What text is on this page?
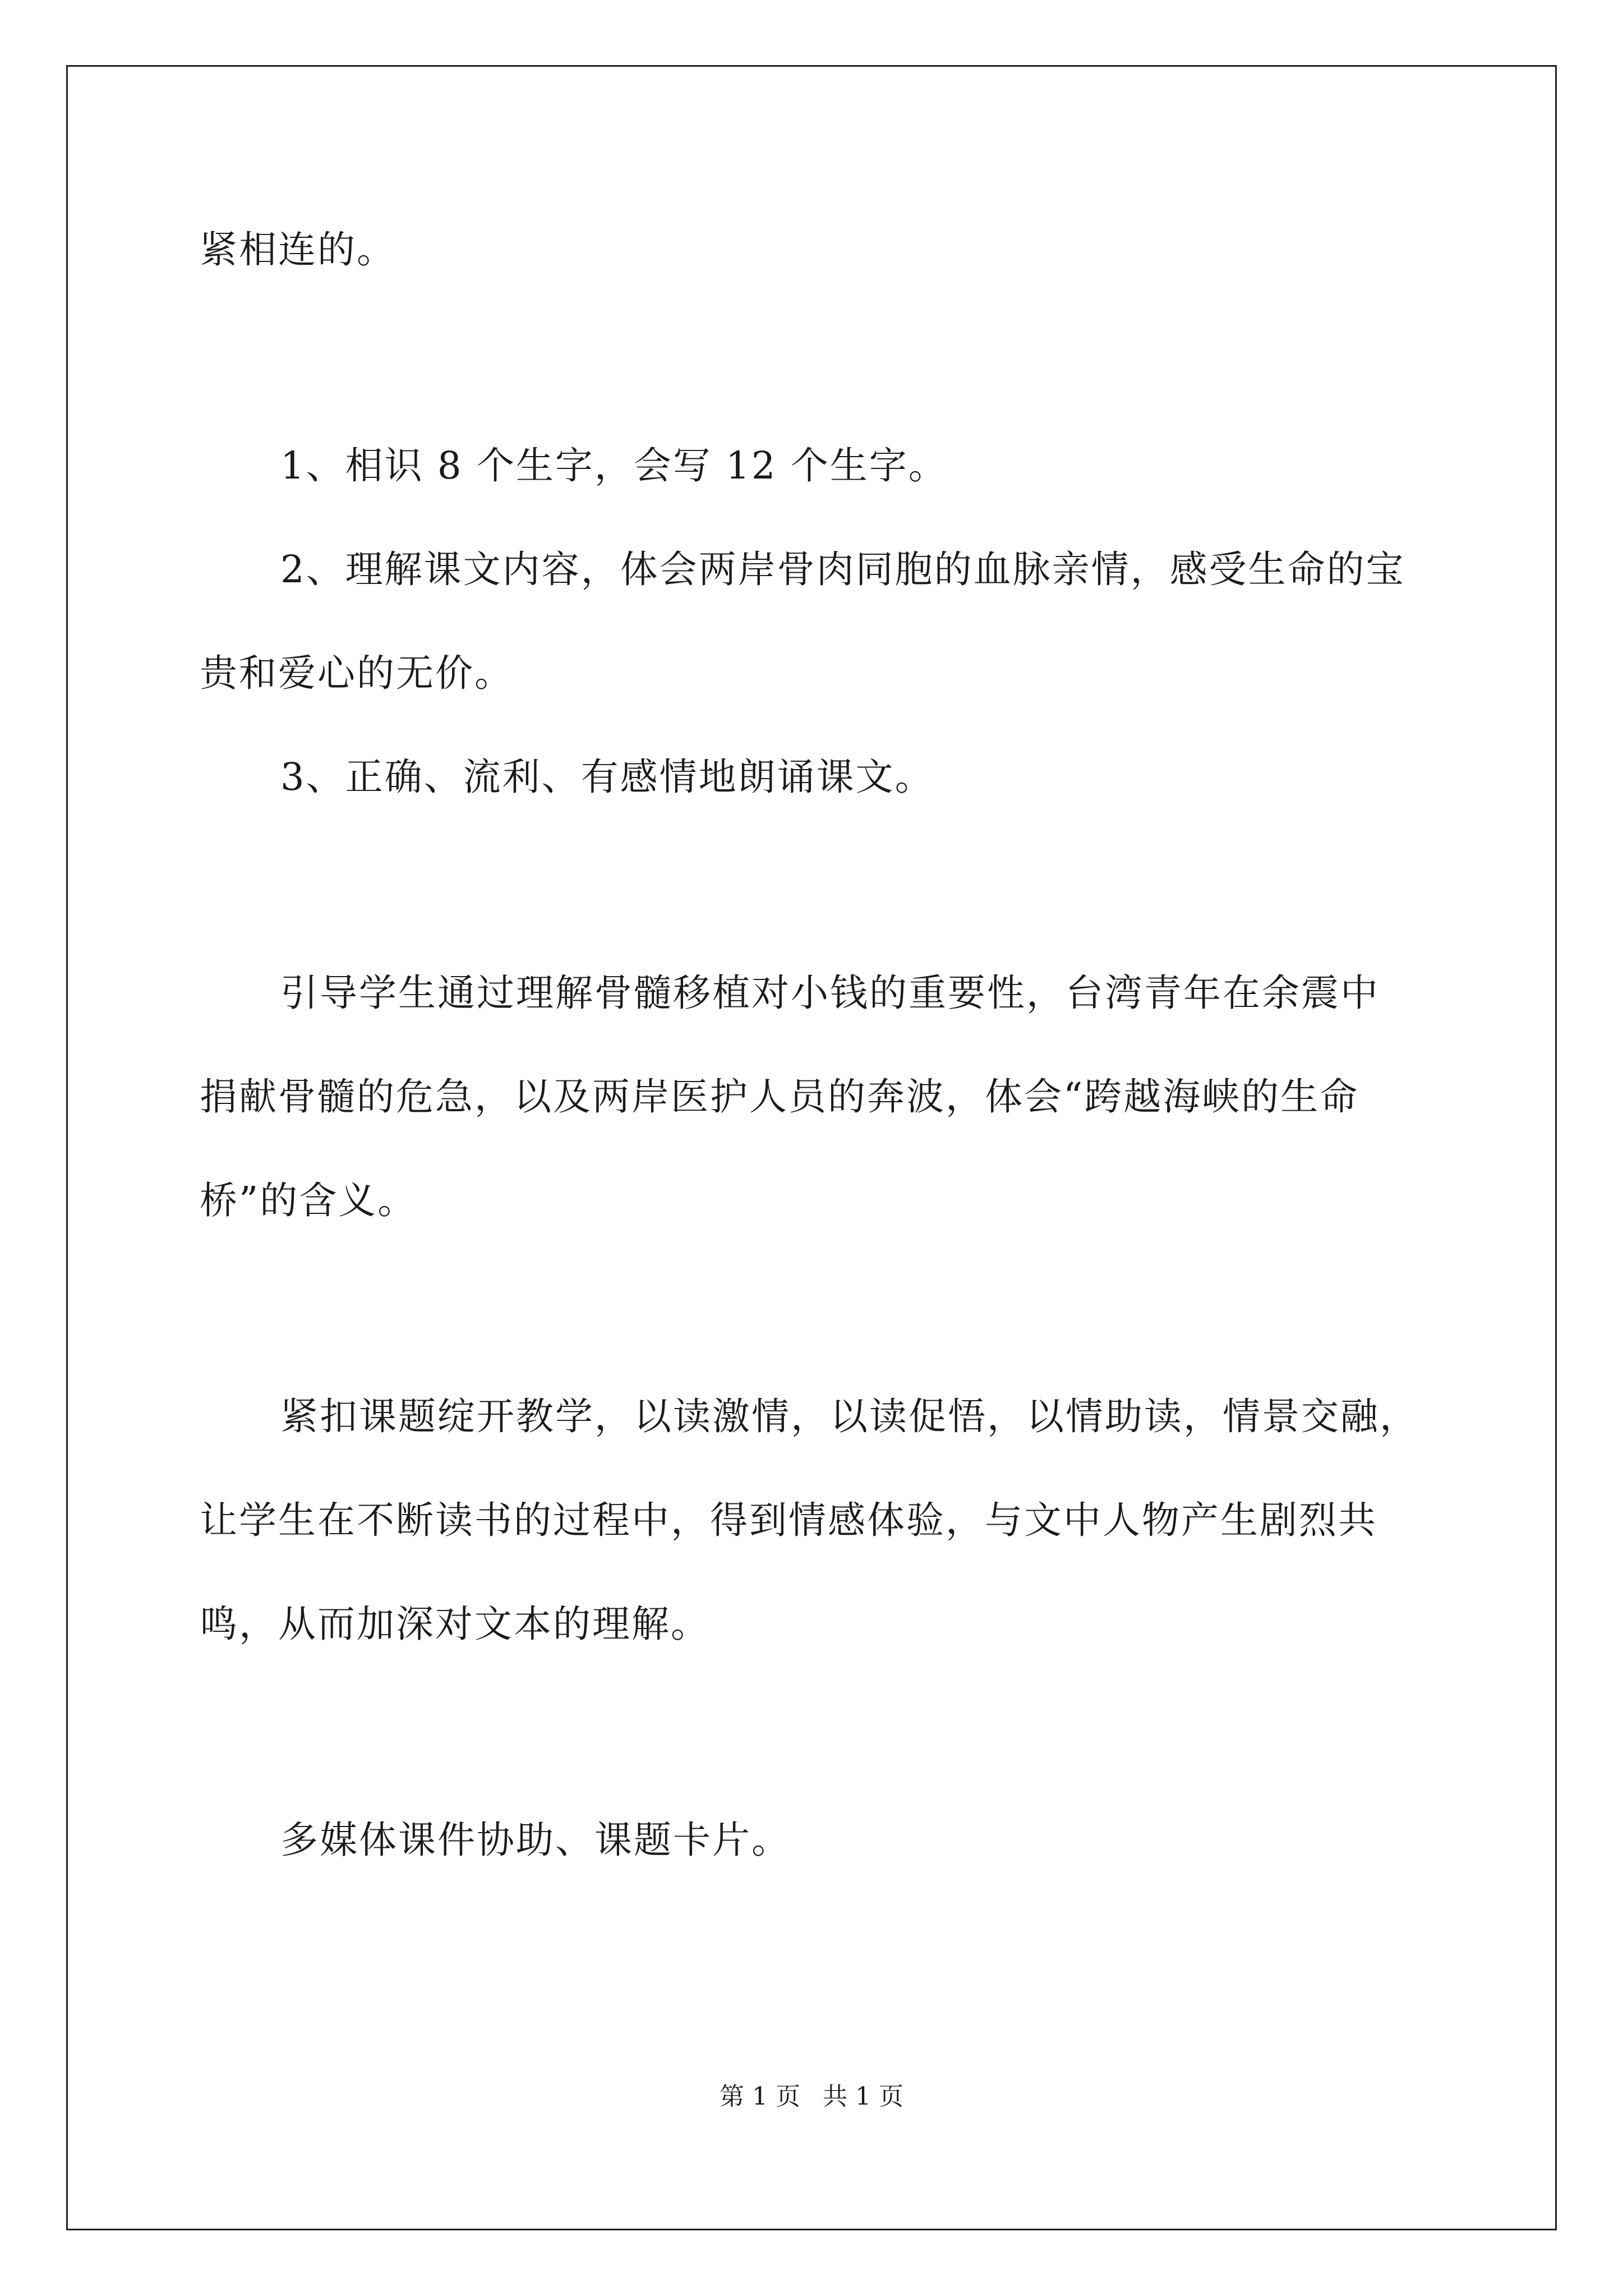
紧相连的。
1、相识 8 个生字，会写 12 个生字。
2、理解课文内容，体会两岸骨肉同胞的血脉亲情，感受生命的宝
贵和爱心的无价。
3、正确、流利、有感情地朗诵课文。
引导学生通过理解骨髓移植对小钱的重要性，台湾青年在余震中
捐献骨髓的危急，以及两岸医护人员的奔波，体会“跨越海峡的生命
桥”的含义。
紧扣课题绽开教学，以读激情，以读促悟，以情助读，情景交融，
让学生在不断读书的过程中，得到情感体验，与文中人物产生剧烈共
鸣，从而加深对文本的理解。
多媒体课件协助、课题卡片。
第 1 页 共 1 页
